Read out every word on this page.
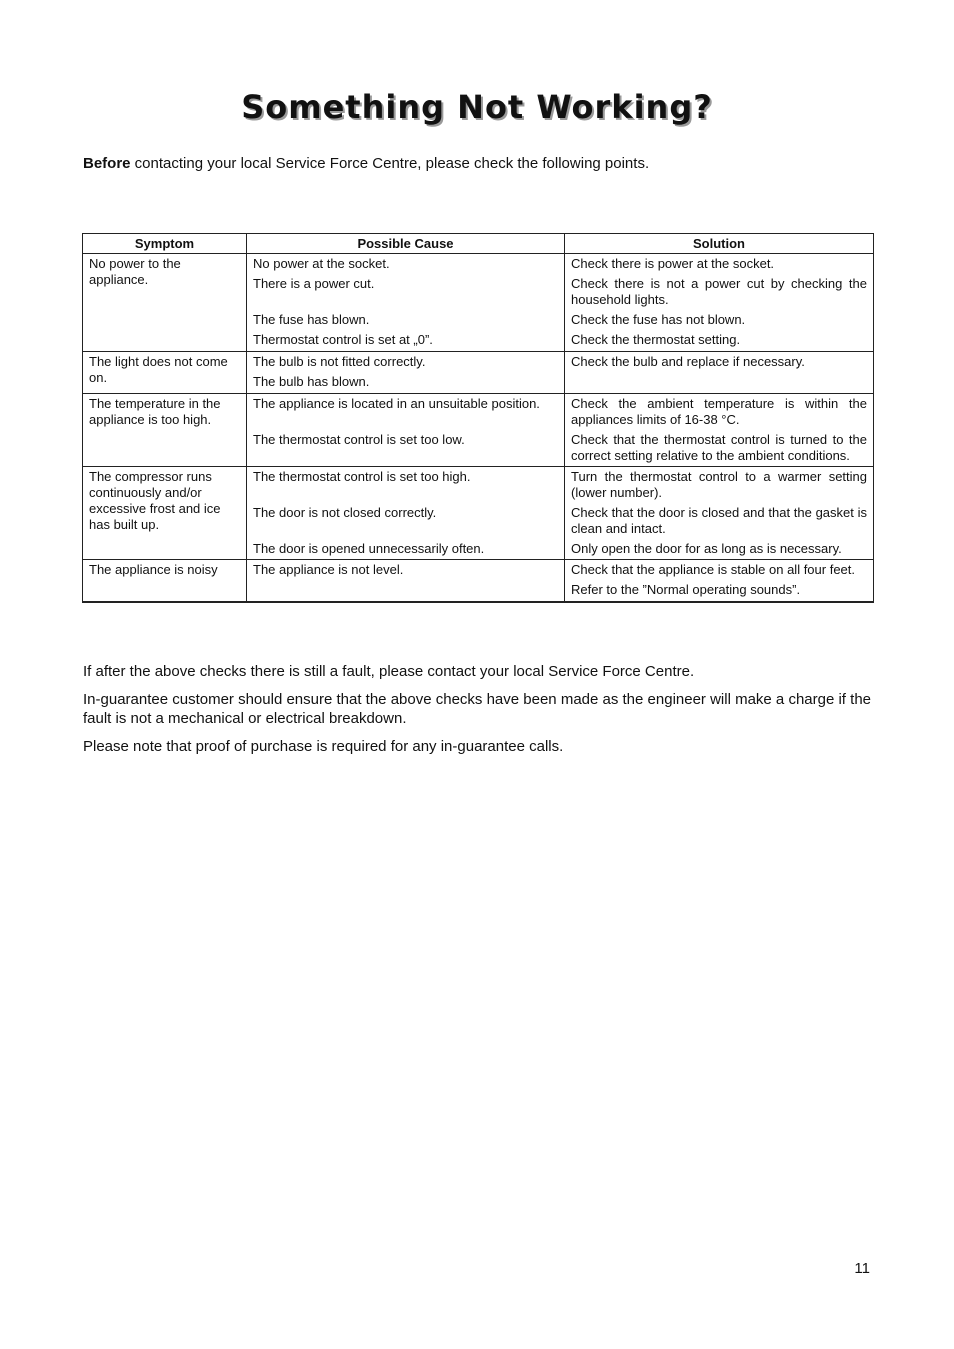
Something Not Working?
Before contacting your local Service Force Centre, please check the following points.
Symptom	Possible Cause	Solution
No power to the appliance.	No power at the socket.	Check there is power at the socket.
	There is a power cut.	Check there is not a power cut by checking the household lights.
	The fuse has blown.	Check the fuse has not blown.
	Thermostat control is set at „0”.	Check the thermostat setting.
The light does not come on.	The bulb is not fitted correctly.	Check the bulb and replace if necessary.
	The bulb has blown.	
The temperature in the appliance is too high.	The appliance is located in an unsuitable position.	Check the ambient temperature is within the appliances limits of 16-38 °C.
	The thermostat control is set too low.	Check that the thermostat control is turned to the correct setting relative to the ambient conditions.
The compressor runs continuously and/or excessive frost and ice has built up.	The thermostat control is set too high.	Turn the thermostat control to a warmer setting (lower number).
	The door is not closed correctly.	Check that the door is closed and that the gasket is clean and intact.
	The door is opened unnecessarily often.	Only open the door for as long as is necessary.
The appliance is noisy	The appliance is not level.	Check that the appliance is stable on all four feet.
		Refer to the ”Normal operating sounds”.

If after the above checks there is still a fault, please contact your local Service Force Centre.

In-guarantee customer should ensure that the above checks have been made as the engineer will make a charge if the fault is not a mechanical or electrical breakdown.

Please note that proof of purchase is required for any in-guarantee calls.

11
